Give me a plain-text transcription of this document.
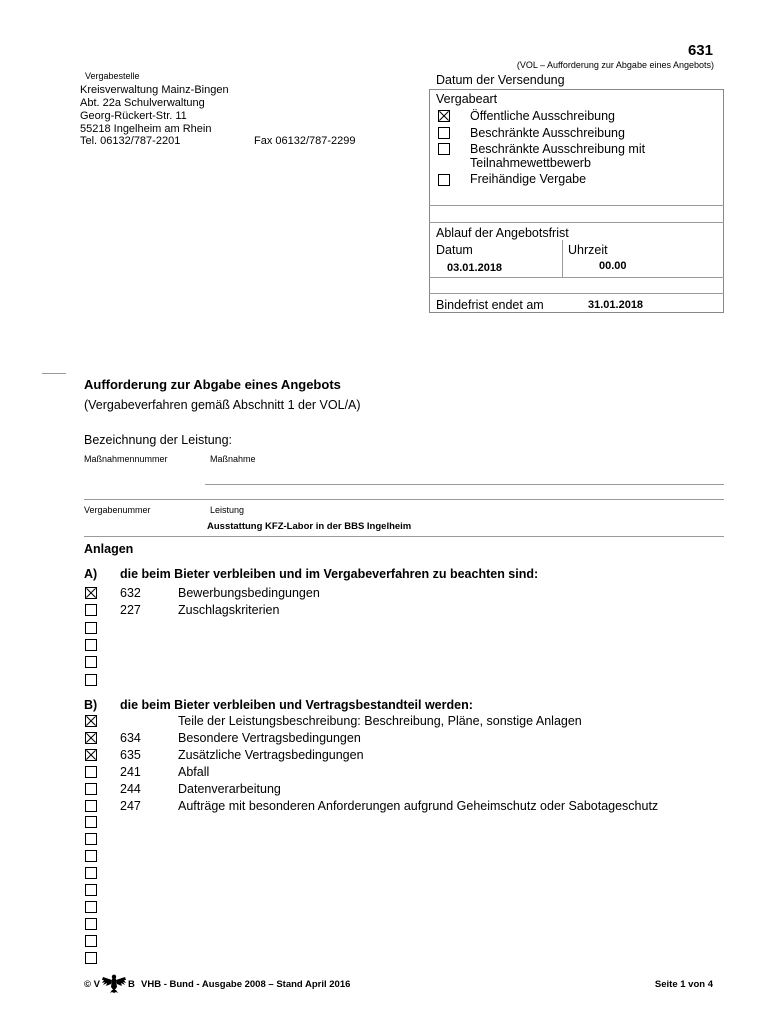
631
(VOL – Aufforderung zur Abgabe eines Angebots)
Vergabestelle
Kreisverwaltung Mainz-Bingen
Abt. 22a Schulverwaltung
Georg-Rückert-Str. 11
55218 Ingelheim am Rhein
Tel. 06132/787-2201	Fax 06132/787-2299
Datum der Versendung
Vergabeart
Öffentliche Ausschreibung
Beschränkte Ausschreibung
Beschränkte Ausschreibung mit
Teilnahmewettbewerb
Freihändige Vergabe
Ablauf der Angebotsfrist
Datum	Uhrzeit
03.01.2018	00.00
Bindefrist endet am	31.01.2018
Aufforderung zur Abgabe eines Angebots
(Vergabeverfahren gemäß Abschnitt 1 der VOL/A)
Bezeichnung der Leistung:
Maßnahmennummer	Maßnahme
Vergabenummer	Leistung
Ausstattung KFZ-Labor in der BBS Ingelheim
Anlagen
A) die beim Bieter verbleiben und im Vergabeverfahren zu beachten sind:
632	Bewerbungsbedingungen
227	Zuschlagskriterien
B) die beim Bieter verbleiben und Vertragsbestandteil werden:
Teile der Leistungsbeschreibung: Beschreibung, Pläne, sonstige Anlagen
634	Besondere Vertragsbedingungen
635	Zusätzliche Vertragsbedingungen
241	Abfall
244	Datenverarbeitung
247	Aufträge mit besonderen Anforderungen aufgrund Geheimschutz oder Sabotageschutz
© V	B VHB - Bund - Ausgabe 2008 – Stand April 2016	Seite 1 von 4
